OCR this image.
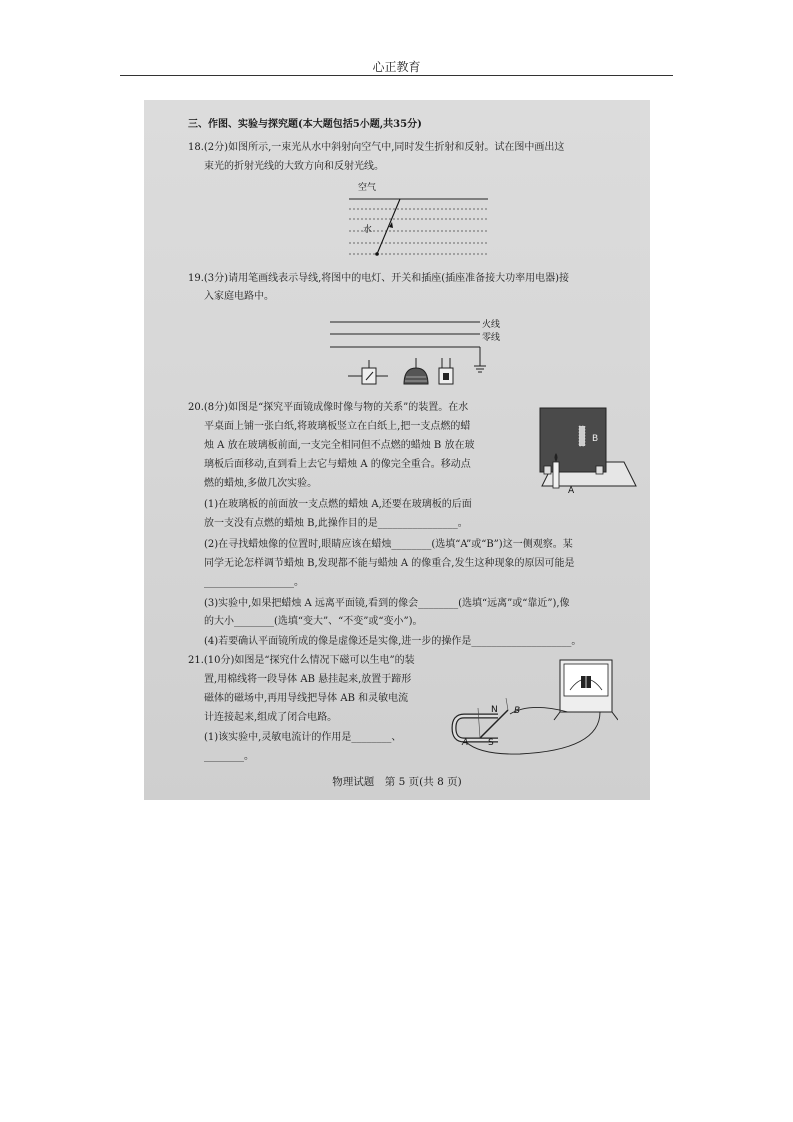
心正教育
三、作图、实验与探究题(本大题包括5小题,共35分)
18.(2分)如图所示,一束光从水中斜射向空气中,同时发生折射和反射。试在图中画出这
束光的折射光线的大致方向和反射光线。
空气
水
19.(3分)请用笔画线表示导线,将图中的电灯、开关和插座(插座准备接大功率用电器)接
入家庭电路中。
火线
零线
20.(8分)如图是“探究平面镜成像时像与物的关系”的装置。在水
平桌面上铺一张白纸,将玻璃板竖立在白纸上,把一支点燃的蜡
烛 A 放在玻璃板前面,一支完全相同但不点燃的蜡烛 B 放在玻
璃板后面移动,直到看上去它与蜡烛 A 的像完全重合。移动点
燃的蜡烛,多做几次实验。
(1)在玻璃板的前面放一支点燃的蜡烛 A,还要在玻璃板的后面
放一支没有点燃的蜡烛 B,此操作目的是________________。
(2)在寻找蜡烛像的位置时,眼睛应该在蜡烛________(选填“A”或“B”)这一侧观察。某
同学无论怎样调节蜡烛 B,发现都不能与蜡烛 A 的像重合,发生这种现象的原因可能是
__________________。
(3)实验中,如果把蜡烛 A 远离平面镜,看到的像会________(选填“远离”或“靠近”),像
的大小________(选填“变大”、“不变”或“变小”)。
(4)若要确认平面镜所成的像是虚像还是实像,进一步的操作是____________________。
B
A
21.(10分)如图是“探究什么情况下磁可以生电”的装
置,用棉线将一段导体 AB 悬挂起来,放置于蹄形
磁体的磁场中,再用导线把导体 AB 和灵敏电流
计连接起来,组成了闭合电路。
(1)该实验中,灵敏电流计的作用是________、
________。
N
S
A
B
物理试题　第 5 页(共 8 页)
